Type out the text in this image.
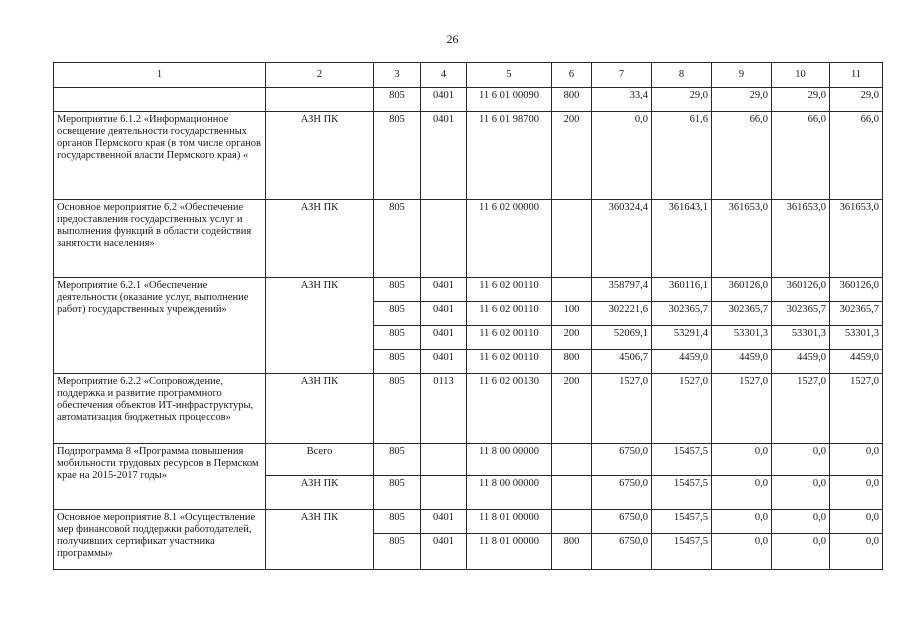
26
1	2	3	4	5	6	7	8	9	10	11
		805	0401	11 6 01 00090	800	33,4	29,0	29,0	29,0	29,0
Мероприятие 6.1.2 «Информационное освещение деятельности государственных органов Пермского края (в том числе органов государственной власти Пермского края) «	АЗН ПК	805	0401	11 6 01 98700	200	0,0	61,6	66,0	66,0	66,0
Основное мероприятие 6.2 «Обеспечение предоставления государственных услуг и выполнения функций в области содействия занятости населения»	АЗН ПК	805		11 6 02 00000		360324,4	361643,1	361653,0	361653,0	361653,0
Мероприятие 6.2.1 «Обеспечение деятельности (оказание услуг, выполнение работ) государственных учреждений»	АЗН ПК	805	0401	11 6 02 00110		358797,4	360116,1	360126,0	360126,0	360126,0
		805	0401	11 6 02 00110	100	302221,6	302365,7	302365,7	302365,7	302365,7
		805	0401	11 6 02 00110	200	52069,1	53291,4	53301,3	53301,3	53301,3
		805	0401	11 6 02 00110	800	4506,7	4459,0	4459,0	4459,0	4459,0
Мероприятие 6.2.2 «Сопровождение, поддержка и развитие программного обеспечения объектов ИТ-инфраструктуры, автоматизация бюджетных процессов»	АЗН ПК	805	0113	11 6 02 00130	200	1527,0	1527,0	1527,0	1527,0	1527,0
Подпрограмма 8 «Программа повышения мобильности трудовых ресурсов в Пермском крае на 2015-2017 годы»	Всего	805		11 8 00 00000		6750,0	15457,5	0,0	0,0	0,0
	АЗН ПК	805		11 8 00 00000		6750,0	15457,5	0,0	0,0	0,0
Основное мероприятие 8.1 «Осуществление мер финансовой поддержки работодателей, получивших сертификат участника программы»	АЗН ПК	805	0401	11 8 01 00000		6750,0	15457,5	0,0	0,0	0,0
		805	0401	11 8 01 00000	800	6750,0	15457,5	0,0	0,0	0,0
